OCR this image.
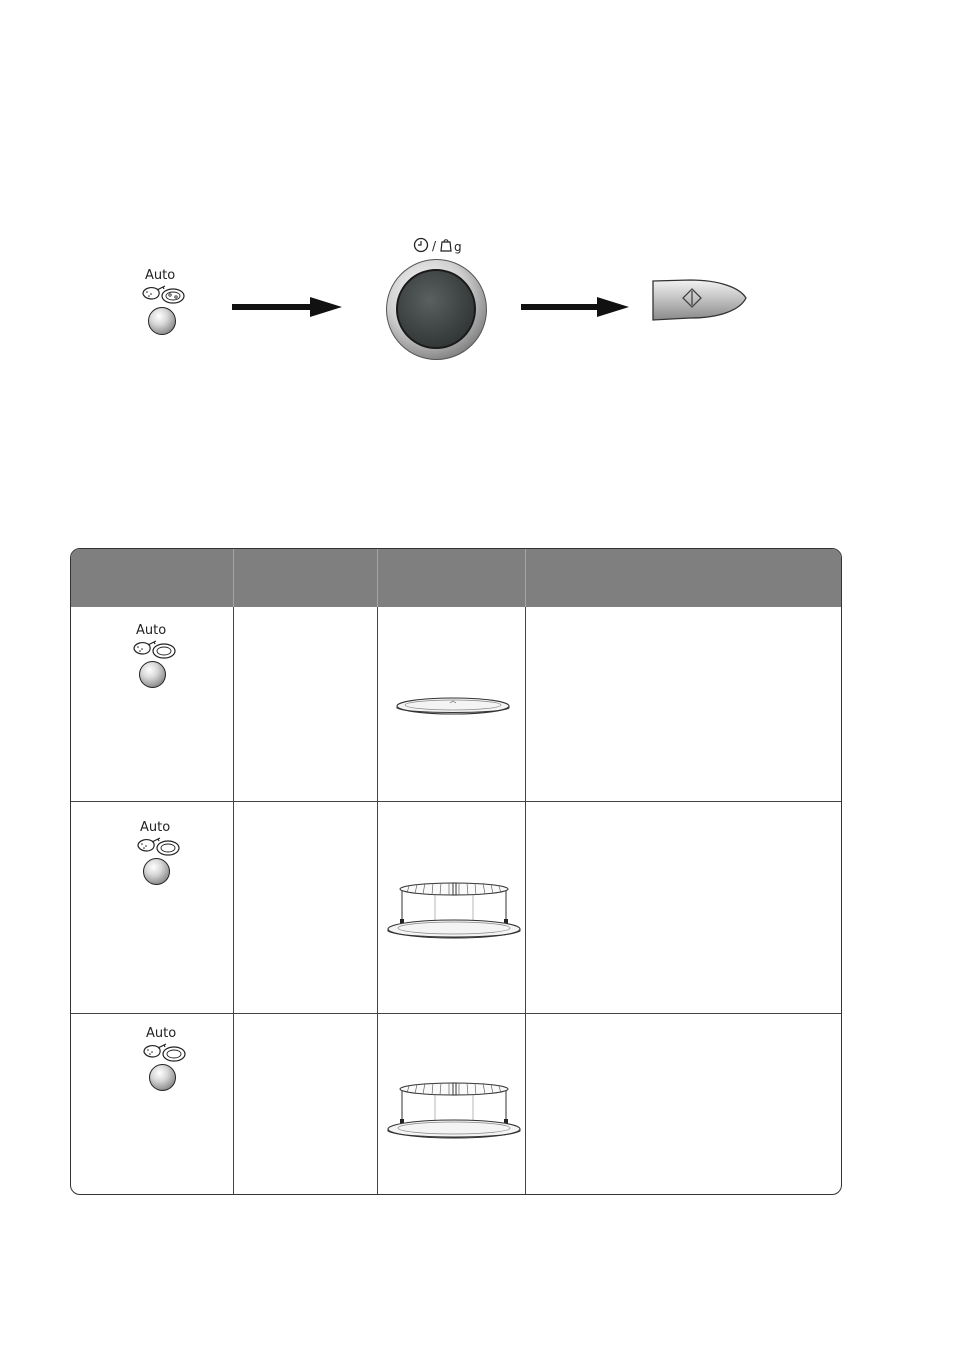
Auto
/ g
Auto
Auto
Auto
